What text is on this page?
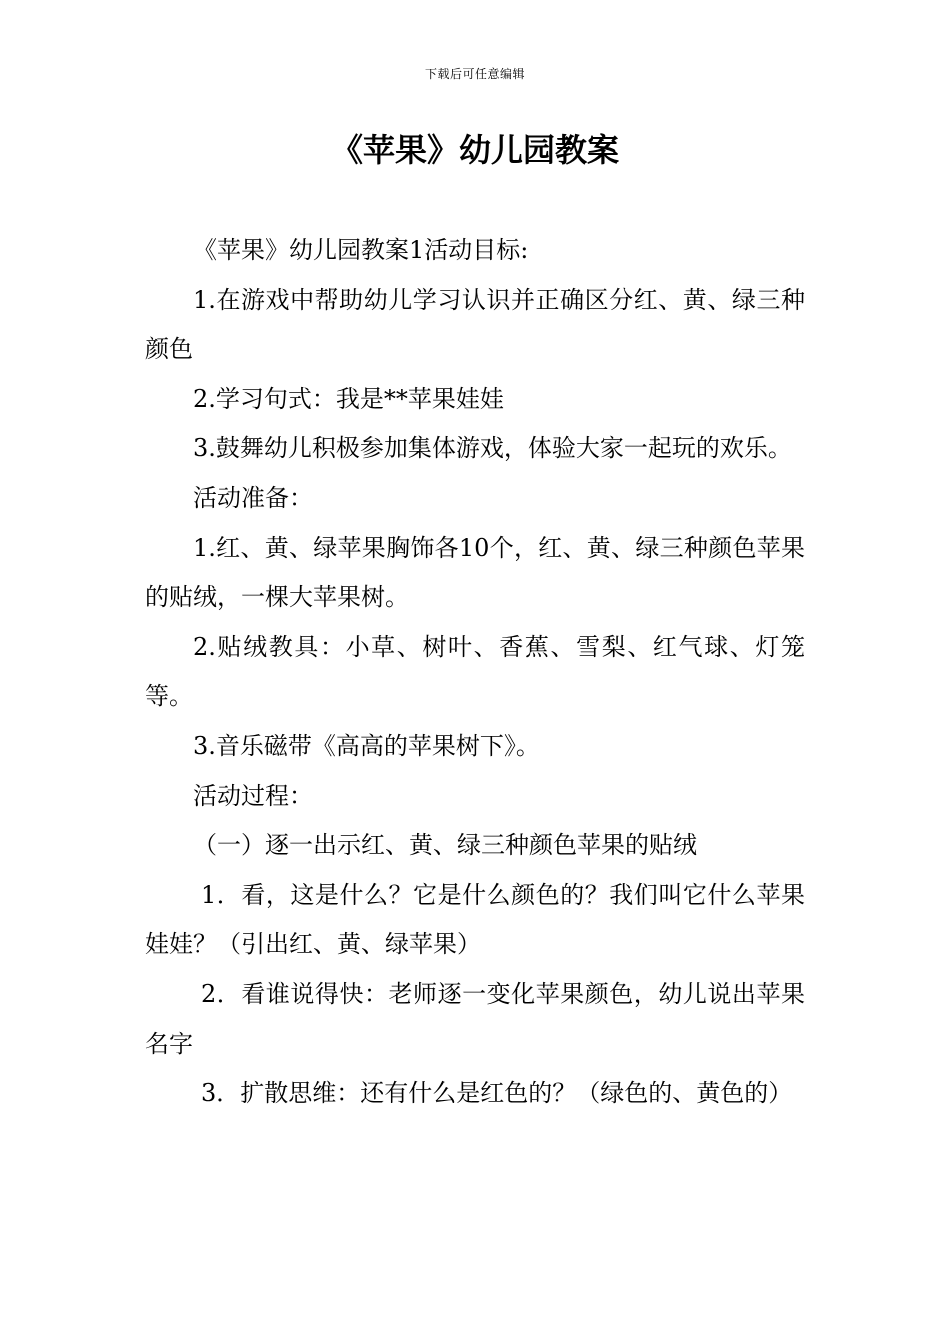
下载后可任意编辑
《苹果》幼儿园教案

《苹果》幼儿园教案1活动目标:

1.在游戏中帮助幼儿学习认识并正确区分红、黄、绿三种颜色

2.学习句式：我是**苹果娃娃

3.鼓舞幼儿积极参加集体游戏，体验大家一起玩的欢乐。

活动准备：

1.红、黄、绿苹果胸饰各10个，红、黄、绿三种颜色苹果的贴绒，一棵大苹果树。

2.贴绒教具：小草、树叶、香蕉、雪梨、红气球、灯笼等。

3.音乐磁带《高高的苹果树下》。

活动过程：

（一）逐一出示红、黄、绿三种颜色苹果的贴绒

1．看，这是什么？它是什么颜色的？我们叫它什么苹果娃娃？（引出红、黄、绿苹果）

2．看谁说得快：老师逐一变化苹果颜色，幼儿说出苹果名字

3．扩散思维：还有什么是红色的？（绿色的、黄色的）
